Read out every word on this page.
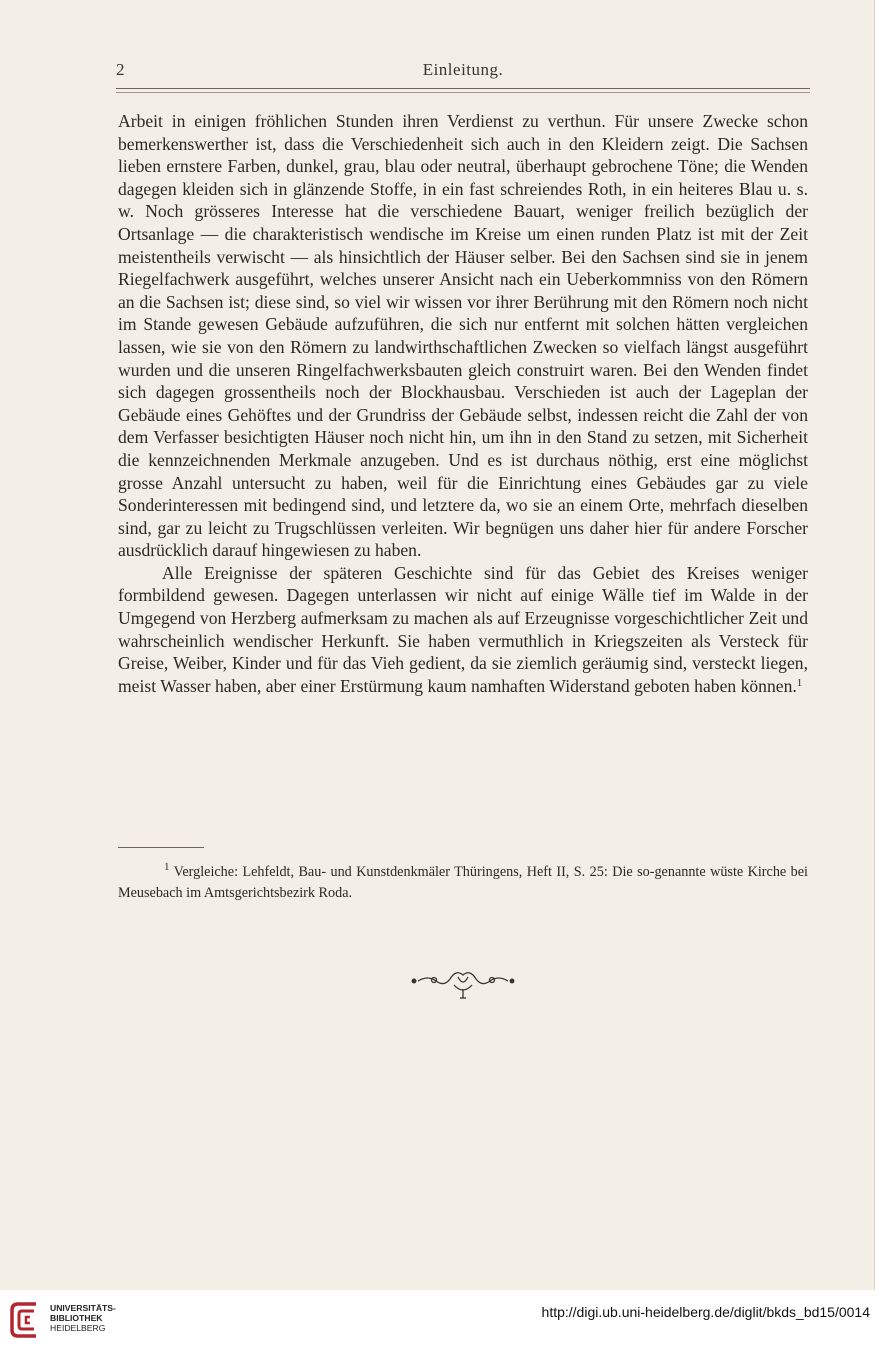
2	Einleitung.

Arbeit in einigen fröhlichen Stunden ihren Verdienst zu verthun. Für unsere Zwecke schon bemerkenswerther ist, dass die Verschiedenheit sich auch in den Kleidern zeigt. Die Sachsen lieben ernstere Farben, dunkel, grau, blau oder neutral, überhaupt gebrochene Töne; die Wenden dagegen kleiden sich in glänzende Stoffe, in ein fast schreiendes Roth, in ein heiteres Blau u. s. w. Noch grösseres Interesse hat die verschiedene Bauart, weniger freilich bezüglich der Ortsanlage — die charakteristisch wendische im Kreise um einen runden Platz ist mit der Zeit meistentheils verwischt — als hinsichtlich der Häuser selber. Bei den Sachsen sind sie in jenem Riegelfachwerk ausgeführt, welches unserer Ansicht nach ein Ueberkommniss von den Römern an die Sachsen ist; diese sind, so viel wir wissen vor ihrer Berührung mit den Römern noch nicht im Stande gewesen Gebäude aufzuführen, die sich nur entfernt mit solchen hätten vergleichen lassen, wie sie von den Römern zu landwirthschaftlichen Zwecken so vielfach längst ausgeführt wurden und die unseren Ringelfachwerksbauten gleich construirt waren. Bei den Wenden findet sich dagegen grossentheils noch der Blockhausbau. Verschieden ist auch der Lageplan der Gebäude eines Gehöftes und der Grundriss der Gebäude selbst, indessen reicht die Zahl der von dem Verfasser besichtigten Häuser noch nicht hin, um ihn in den Stand zu setzen, mit Sicherheit die kennzeichnenden Merkmale anzugeben. Und es ist durchaus nöthig, erst eine möglichst grosse Anzahl untersucht zu haben, weil für die Einrichtung eines Gebäudes gar zu viele Sonderinteressen mit bedingend sind, und letztere da, wo sie an einem Orte, mehrfach dieselben sind, gar zu leicht zu Trugschlüssen verleiten. Wir begnügen uns daher hier für andere Forscher ausdrücklich darauf hingewiesen zu haben.

Alle Ereignisse der späteren Geschichte sind für das Gebiet des Kreises weniger formbildend gewesen. Dagegen unterlassen wir nicht auf einige Wälle tief im Walde in der Umgegend von Herzberg aufmerksam zu machen als auf Erzeugnisse vorgeschichtlicher Zeit und wahrscheinlich wendischer Herkunft. Sie haben vermuthlich in Kriegszeiten als Versteck für Greise, Weiber, Kinder und für das Vieh gedient, da sie ziemlich geräumig sind, versteckt liegen, meist Wasser haben, aber einer Erstürmung kaum namhaften Widerstand geboten haben können.$^1$

$^1$ Vergleiche: Lehfeldt, Bau- und Kunstdenkmäler Thüringens, Heft II, S. 25: Die so-genannte wüste Kirche bei Meusebach im Amtsgerichtsbezirk Roda.
UNIVERSITÄTS-
BIBLIOTHEK
HEIDELBERG
http://digi.ub.uni-heidelberg.de/diglit/bkds_bd15/0014
